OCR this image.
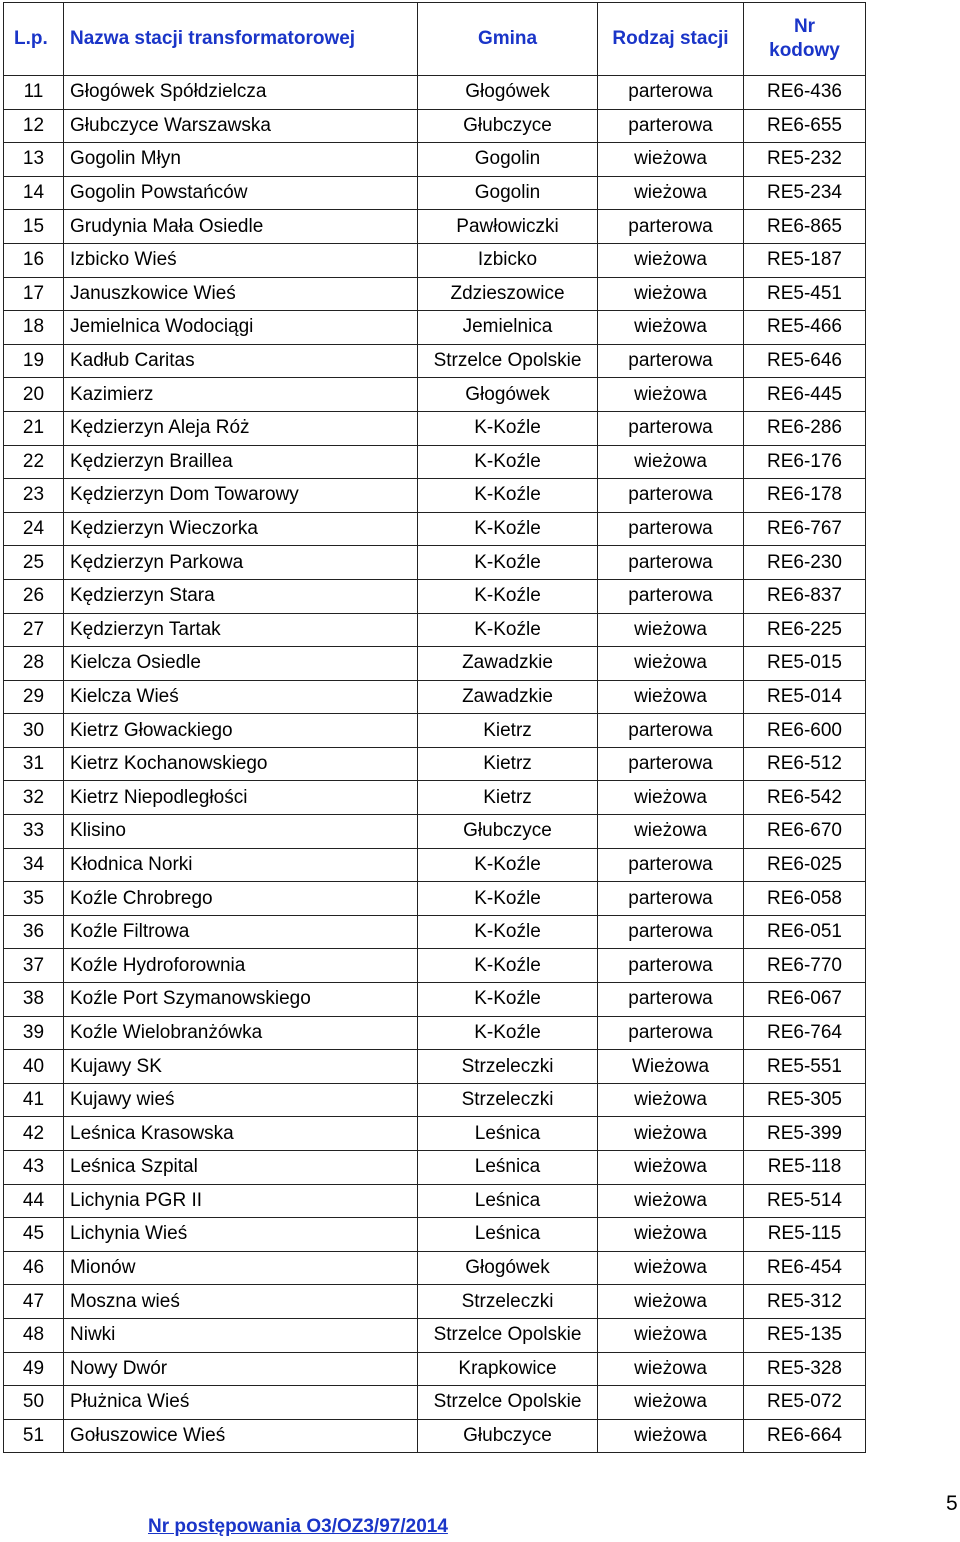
L.p.	Nazwa stacji transformatorowej	Gmina	Rodzaj stacji	Nr
kodowy
11	Głogówek Spółdzielcza	Głogówek	parterowa	RE6-436
12	Głubczyce Warszawska	Głubczyce	parterowa	RE6-655
13	Gogolin Młyn	Gogolin	wieżowa	RE5-232
14	Gogolin Powstańców	Gogolin	wieżowa	RE5-234
15	Grudynia Mała Osiedle	Pawłowiczki	parterowa	RE6-865
16	Izbicko Wieś	Izbicko	wieżowa	RE5-187
17	Januszkowice Wieś	Zdzieszowice	wieżowa	RE5-451
18	Jemielnica Wodociągi	Jemielnica	wieżowa	RE5-466
19	Kadłub Caritas	Strzelce Opolskie	parterowa	RE5-646
20	Kazimierz	Głogówek	wieżowa	RE6-445
21	Kędzierzyn Aleja Róż	K-Koźle	parterowa	RE6-286
22	Kędzierzyn Braillea	K-Koźle	wieżowa	RE6-176
23	Kędzierzyn Dom Towarowy	K-Koźle	parterowa	RE6-178
24	Kędzierzyn Wieczorka	K-Koźle	parterowa	RE6-767
25	Kędzierzyn Parkowa	K-Koźle	parterowa	RE6-230
26	Kędzierzyn Stara	K-Koźle	parterowa	RE6-837
27	Kędzierzyn Tartak	K-Koźle	wieżowa	RE6-225
28	Kielcza Osiedle	Zawadzkie	wieżowa	RE5-015
29	Kielcza Wieś	Zawadzkie	wieżowa	RE5-014
30	Kietrz Głowackiego	Kietrz	parterowa	RE6-600
31	Kietrz Kochanowskiego	Kietrz	parterowa	RE6-512
32	Kietrz Niepodległości	Kietrz	wieżowa	RE6-542
33	Klisino	Głubczyce	wieżowa	RE6-670
34	Kłodnica Norki	K-Koźle	parterowa	RE6-025
35	Koźle Chrobrego	K-Koźle	parterowa	RE6-058
36	Koźle Filtrowa	K-Koźle	parterowa	RE6-051
37	Koźle Hydroforownia	K-Koźle	parterowa	RE6-770
38	Koźle Port Szymanowskiego	K-Koźle	parterowa	RE6-067
39	Koźle Wielobranżówka	K-Koźle	parterowa	RE6-764
40	Kujawy SK	Strzeleczki	Wieżowa	RE5-551
41	Kujawy wieś	Strzeleczki	wieżowa	RE5-305
42	Leśnica Krasowska	Leśnica	wieżowa	RE5-399
43	Leśnica Szpital	Leśnica	wieżowa	RE5-118
44	Lichynia PGR II	Leśnica	wieżowa	RE5-514
45	Lichynia Wieś	Leśnica	wieżowa	RE5-115
46	Mionów	Głogówek	wieżowa	RE6-454
47	Moszna wieś	Strzeleczki	wieżowa	RE5-312
48	Niwki	Strzelce Opolskie	wieżowa	RE5-135
49	Nowy Dwór	Krapkowice	wieżowa	RE5-328
50	Płużnica Wieś	Strzelce Opolskie	wieżowa	RE5-072
51	Gołuszowice Wieś	Głubczyce	wieżowa	RE6-664
Nr postępowania O3/OZ3/97/2014
5
